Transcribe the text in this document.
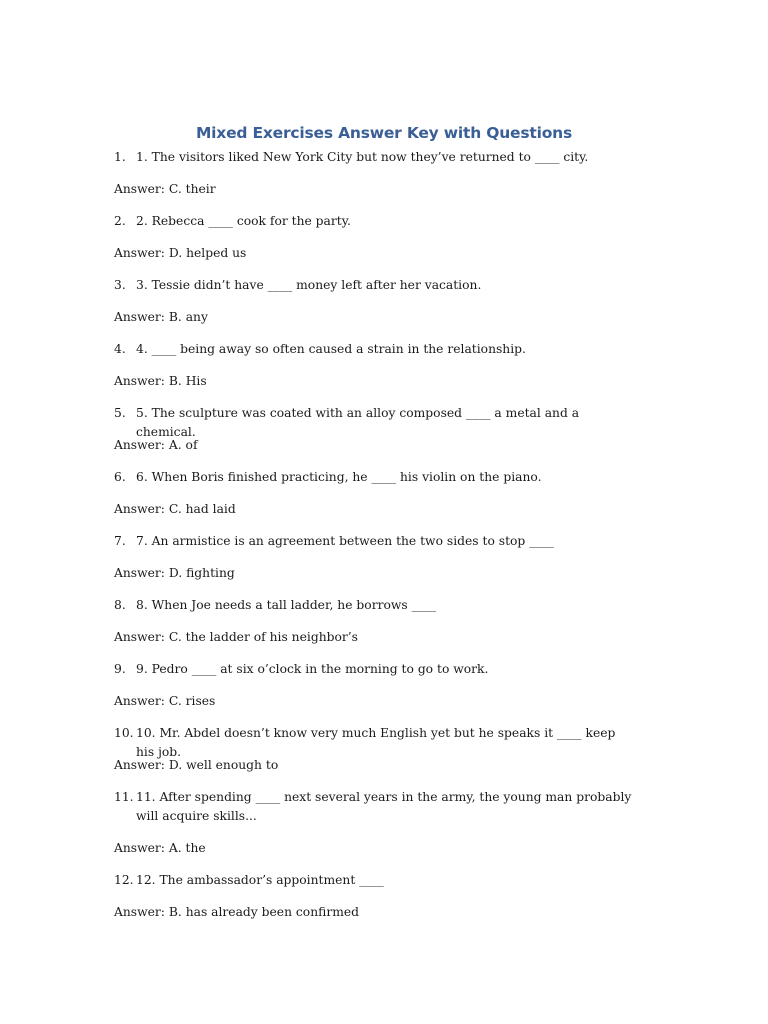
Mixed Exercises Answer Key with Questions
1. 1. The visitors liked New York City but now they’ve returned to ____ city.
Answer: C. their
2. 2. Rebecca ____ cook for the party.
Answer: D. helped us
3. 3. Tessie didn’t have ____ money left after her vacation.
Answer: B. any
4. 4. ____ being away so often caused a strain in the relationship.
Answer: B. His
5. 5. The sculpture was coated with an alloy composed ____ a metal and a chemical.
Answer: A. of
6. 6. When Boris finished practicing, he ____ his violin on the piano.
Answer: C. had laid
7. 7. An armistice is an agreement between the two sides to stop ____
Answer: D. fighting
8. 8. When Joe needs a tall ladder, he borrows ____
Answer: C. the ladder of his neighbor’s
9. 9. Pedro ____ at six o’clock in the morning to go to work.
Answer: C. rises
10. 10. Mr. Abdel doesn’t know very much English yet but he speaks it ____ keep his job.
Answer: D. well enough to
11. 11. After spending ____ next several years in the army, the young man probably will acquire skills...
Answer: A. the
12. 12. The ambassador’s appointment ____
Answer: B. has already been confirmed
